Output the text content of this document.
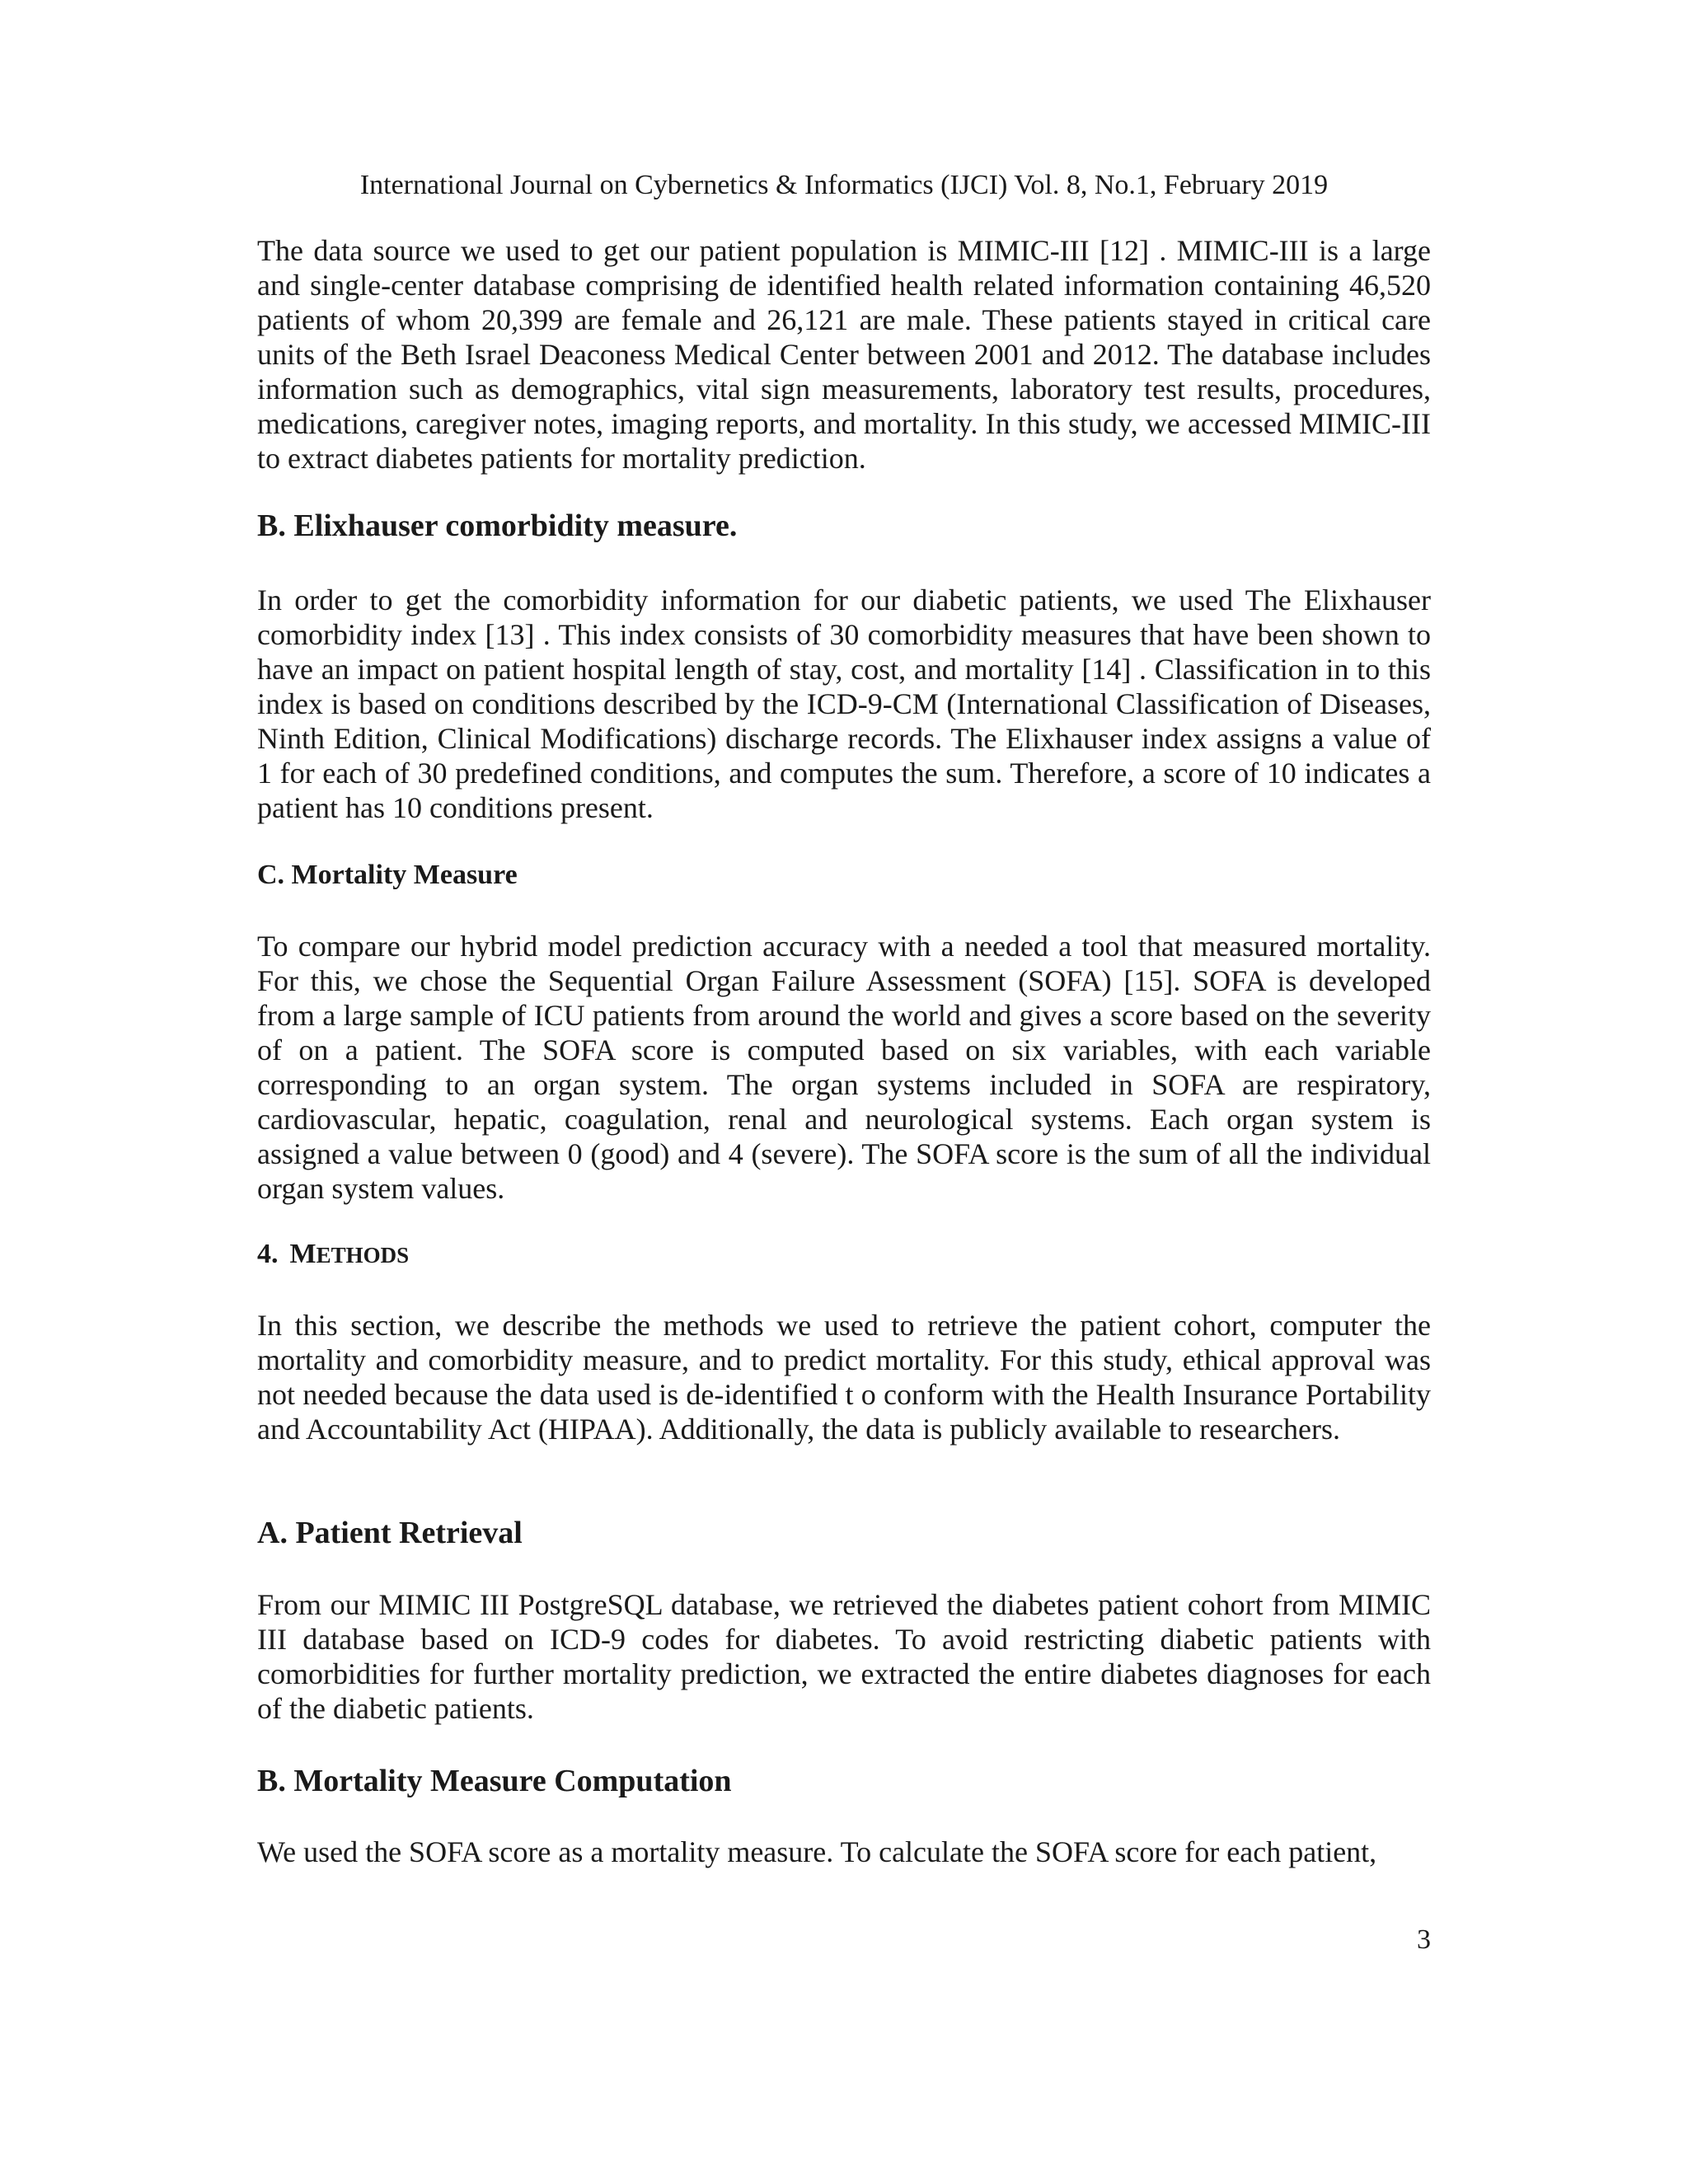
International Journal on Cybernetics & Informatics (IJCI) Vol. 8, No.1, February 2019

The data source we used to get our patient population is MIMIC-III [12] . MIMIC-III is a large and single-center database comprising de identified health related information containing 46,520 patients of whom 20,399 are female and 26,121 are male. These patients stayed in critical care units of the Beth Israel Deaconess Medical Center between 2001 and 2012. The database includes information such as demographics, vital sign measurements, laboratory test results, procedures, medications, caregiver notes, imaging reports, and mortality. In this study, we accessed MIMIC-III to extract diabetes patients for mortality prediction.

B. Elixhauser comorbidity measure.

In order to get the comorbidity information for our diabetic patients, we used The Elixhauser comorbidity index [13] . This index consists of 30 comorbidity measures that have been shown to have an impact on patient hospital length of stay, cost, and mortality [14] . Classification in to this index is based on conditions described by the ICD-9-CM (International Classification of Diseases, Ninth Edition, Clinical Modifications) discharge records. The Elixhauser index assigns a value of 1 for each of 30 predefined conditions, and computes the sum. Therefore, a score of 10 indicates a patient has 10 conditions present.

C. Mortality Measure

To compare our hybrid model prediction accuracy with a needed a tool that measured mortality. For this, we chose the Sequential Organ Failure Assessment (SOFA) [15]. SOFA is developed from a large sample of ICU patients from around the world and gives a score based on the severity of on a patient. The SOFA score is computed based on six variables, with each variable corresponding to an organ system. The organ systems included in SOFA are respiratory, cardiovascular, hepatic, coagulation, renal and neurological systems. Each organ system is assigned a value between 0 (good) and 4 (severe). The SOFA score is the sum of all the individual organ system values.

4. METHODS

In this section, we describe the methods we used to retrieve the patient cohort, computer the mortality and comorbidity measure, and to predict mortality. For this study, ethical approval was not needed because the data used is de-identified t o conform with the Health Insurance Portability and Accountability Act (HIPAA). Additionally, the data is publicly available to researchers.

A. Patient Retrieval

From our MIMIC III PostgreSQL database, we retrieved the diabetes patient cohort from MIMIC III database based on ICD-9 codes for diabetes. To avoid restricting diabetic patients with comorbidities for further mortality prediction, we extracted the entire diabetes diagnoses for each of the diabetic patients.

B. Mortality Measure Computation

We used the SOFA score as a mortality measure. To calculate the SOFA score for each patient,

3
